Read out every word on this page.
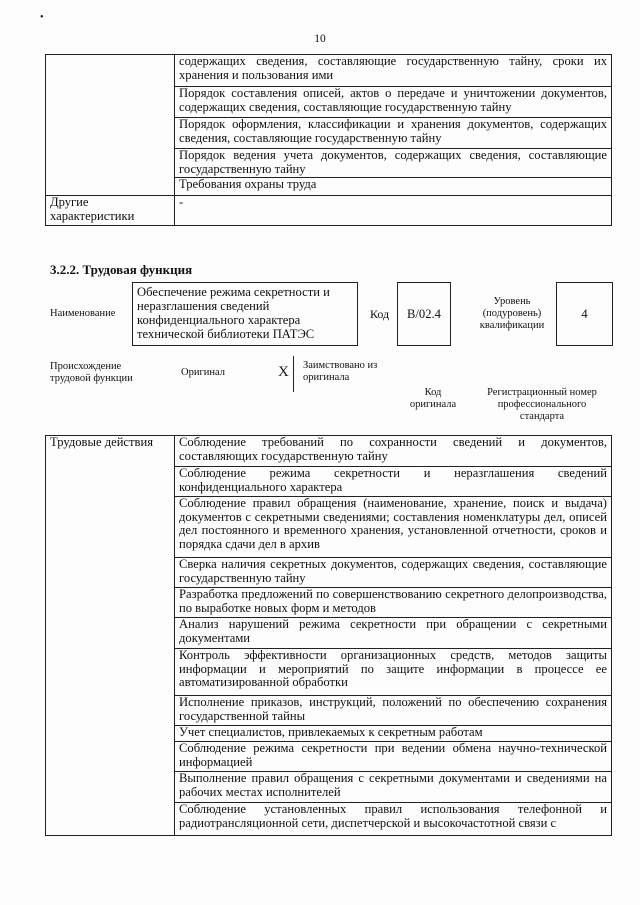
•
10
	содержащих сведения, составляющие государственную тайну, сроки их хранения и пользования ими
	Порядок составления описей, актов о передаче и уничтожении документов, содержащих сведения, составляющие государственную тайну
	Порядок оформления, классификации и хранения документов, содержащих сведения, составляющие государственную тайну
	Порядок ведения учета документов, содержащих сведения, составляющие государственную тайну
	Требования охраны труда
Другие характеристики	-
3.2.2. Трудовая функция
Наименование
Обеспечение режима секретности и неразглашения сведений конфиденциального характера технической библиотеки ПАТЭС
Код	B/02.4
Уровень (подуровень) квалификации
4
Происхождение трудовой функции
Оригинал	X Заимствовано из оригинала
Код оригинала
Регистрационный номер профессионального стандарта
Трудовые действия	Соблюдение требований по сохранности сведений и документов, составляющих государственную тайну
Соблюдение режима секретности и неразглашения сведений конфиденциального характера
Соблюдение правил обращения (наименование, хранение, поиск и выдача) документов с секретными сведениями; составления номенклатуры дел, описей дел постоянного и временного хранения, установленной отчетности, сроков и порядка сдачи дел в архив
Сверка наличия секретных документов, содержащих сведения, составляющие государственную тайну
Разработка предложений по совершенствованию секретного делопроизводства, по выработке новых форм и методов
Анализ нарушений режима секретности при обращении с секретными документами
Контроль эффективности организационных средств, методов защиты информации и мероприятий по защите информации в процессе ее автоматизированной обработки
Исполнение приказов, инструкций, положений по обеспечению сохранения государственной тайны
Учет специалистов, привлекаемых к секретным работам
Соблюдение режима секретности при ведении обмена научно-технической информацией
Выполнение правил обращения с секретными документами и сведениями на рабочих местах исполнителей
Соблюдение установленных правил использования телефонной и радиотрансляционной сети, диспетчерской и высокочастотной связи с
